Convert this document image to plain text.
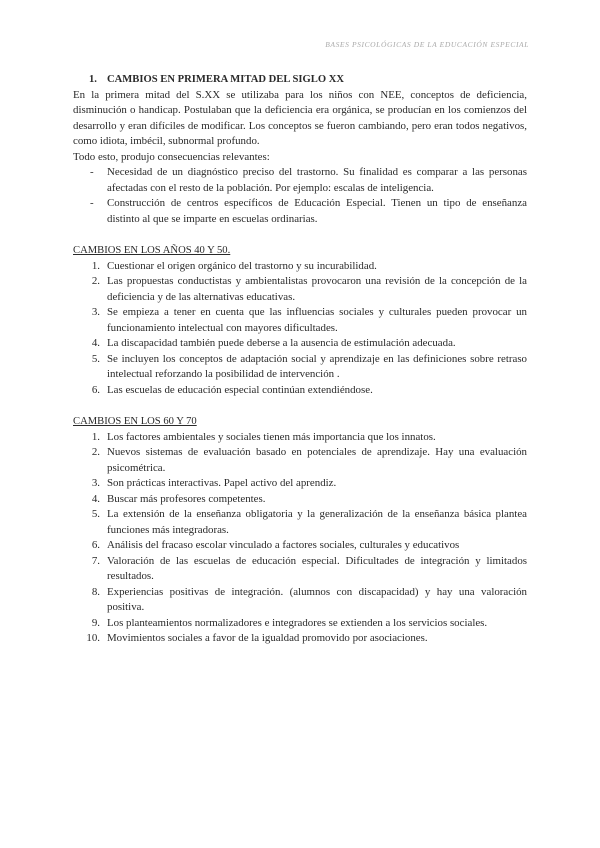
BASES PSICOLÓGICAS DE LA EDUCACIÓN ESPECIAL
1. CAMBIOS EN PRIMERA MITAD DEL SIGLO XX

En la primera mitad del S.XX se utilizaba para los niños con NEE, conceptos de deficiencia, disminución o handicap. Postulaban que la deficiencia era orgánica, se producían en los comienzos del desarrollo y eran difíciles de modificar. Los conceptos se fueron cambiando, pero eran todos negativos, como idiota, imbécil, subnormal profundo.

Todo esto, produjo consecuencias relevantes:

- Necesidad de un diagnóstico preciso del trastorno. Su finalidad es comparar a las personas afectadas con el resto de la población. Por ejemplo: escalas de inteligencia.
- Construcción de centros específicos de Educación Especial. Tienen un tipo de enseñanza distinto al que se imparte en escuelas ordinarias.
CAMBIOS EN LOS AÑOS 40 Y 50.
1. Cuestionar el origen orgánico del trastorno y su incurabilidad.
2. Las propuestas conductistas y ambientalistas provocaron una revisión de la concepción de la deficiencia y de las alternativas educativas.
3. Se empieza a tener en cuenta que las influencias sociales y culturales pueden provocar un funcionamiento intelectual con mayores dificultades.
4. La discapacidad también puede deberse a la ausencia de estimulación adecuada.
5. Se incluyen los conceptos de adaptación social y aprendizaje en las definiciones sobre retraso intelectual reforzando la posibilidad de intervención .
6. Las escuelas de educación especial continúan extendiéndose.
CAMBIOS EN LOS 60 Y 70
1. Los factores ambientales y sociales tienen más importancia que los innatos.
2. Nuevos sistemas de evaluación basado en potenciales de aprendizaje. Hay una evaluación psicométrica.
3. Son prácticas interactivas. Papel activo del aprendiz.
4. Buscar más profesores competentes.
5. La extensión de la enseñanza obligatoria y la generalización de la enseñanza básica plantea funciones más integradoras.
6. Análisis del fracaso escolar vinculado a factores sociales, culturales y educativos
7. Valoración de las escuelas de educación especial. Dificultades de integración y limitados resultados.
8. Experiencias positivas de integración. (alumnos con discapacidad) y hay una valoración positiva.
9. Los planteamientos normalizadores e integradores se extienden a los servicios sociales.
10. Movimientos sociales a favor de la igualdad promovido por asociaciones.
